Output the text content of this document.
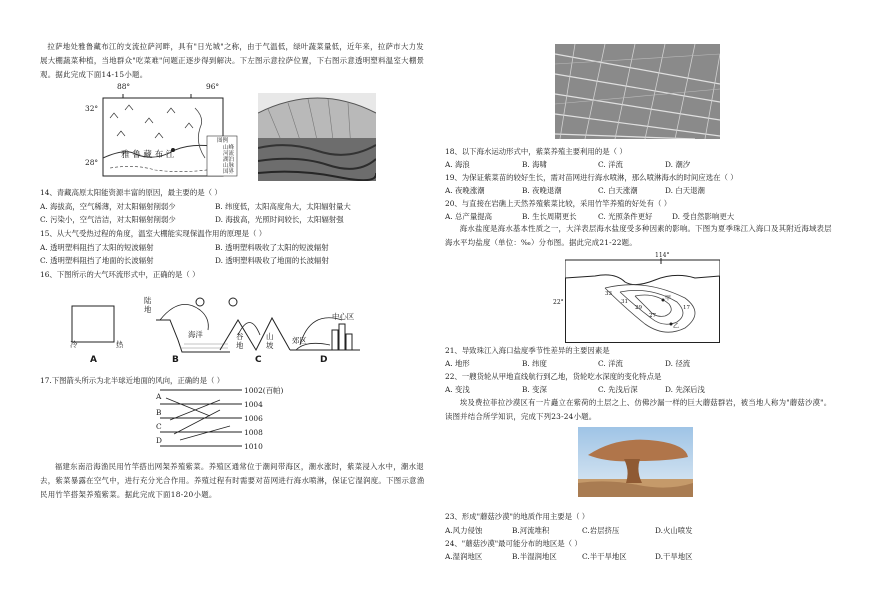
拉萨地处雅鲁藏布江的支流拉萨河畔，具有"日光城"之称，由于气温低，绿叶蔬菜量低，近年来，拉萨市大力发展大棚蔬菜种植，当地群众"吃菜难"问题正逐步得到解决。下左图示意拉萨位置，下右图示意透明塑料温室大棚景观。据此完成下面14-15小题。
88°	96°
32°
28°
雅 鲁 藏 布 江
图例
山峰
河流
湖泊
山脉
国界
14、青藏高原太阳能资源丰富的原因，最主要的是（ ）
A. 海拔高，空气稀薄，对太阳辐射削弱少	B. 纬度低，太阳高度角大，太阳辐射量大
C. 污染小，空气洁洁，对太阳辐射削弱少	D. 海拔高，光照时间较长，太阳辐射强
15、从大气受热过程的角度，温室大棚能实现保温作用的原理是（ ）
A. 透明塑料阻挡了太阳的短波辐射	B. 透明塑料吸收了太阳的短波辐射
C. 透明塑料阻挡了地面的长波辐射	D. 透明塑料吸收了地面的长波辐射
16、下图所示的大气环流形式中，正确的是（ ）
冷	热
陆地
海洋	谷地
山坡
郊区
中心区
A	B	C	D
17.下图箭头所示为北半球近地面的风向，正确的是（ ）
1002(百帕)
1004
1006
1008
1010
A
B
C
D
福建东南沿海渔民用竹竿搭出网架养殖紫菜。养殖区通常位于潮间带海区，潮水涨时，紫菜浸入水中，潮水退去，紫菜暴露在空气中，进行充分光合作用。养殖过程有时需要对苗网进行海水喷淋，保证它湿润度。下图示意渔民用竹竿搭架养殖紫菜。据此完成下面18-20小题。
18、以下海水运动形式中，紫菜养殖主要利用的是（ ）
A. 海浪	B. 海啸	C. 洋流	D. 潮汐
19、为保证紫菜苗的较好生长，需对苗网进行海水喷淋，那么喷淋海水的时间应选在（ ）
A. 夜晚涨潮	B. 夜晚退潮	C. 白天涨潮	D. 白天退潮
20、与直接在岩礁上天然养殖紫菜比较，采用竹竿养殖的好处有（ ）
A. 总产量提高	B. 生长周期更长	C. 光照条件更好	D. 受自然影响更大
海水盐度是海水基本性质之一，大洋表层海水盐度受多种因素的影响。下图为夏季珠江入海口及其附近海域表层海水平均盐度（单位：‰）分布图。据此完成21-22题。
114°
22°
甲
乙
33
31
29
27
17
21、导致珠江入海口盐度季节性差异的主要因素是
A. 地形	B. 纬度	C. 洋流	D. 径流
22、一艘货轮从甲地直线航行到乙地，货轮吃水深度的变化特点是
A. 变浅	B. 变深	C. 先浅后深	D. 先深后浅
埃及费拉菲拉沙漠区有一片矗立在紫荷的土层之上、仿佛沙漏一样的巨大蘑菇群岩，被当地人称为"蘑菇沙漠"。读图并结合所学知识，完成下列23-24小题。
23、形成"蘑菇沙漠"的地质作用主要是（ ）
A.风力侵蚀	B.河流堆积	C.岩层挤压	D.火山喷发
24、"蘑菇沙漠"最可能分布的地区是（ ）
A.湿润地区	B.半湿润地区	C.半干旱地区	D.干旱地区
